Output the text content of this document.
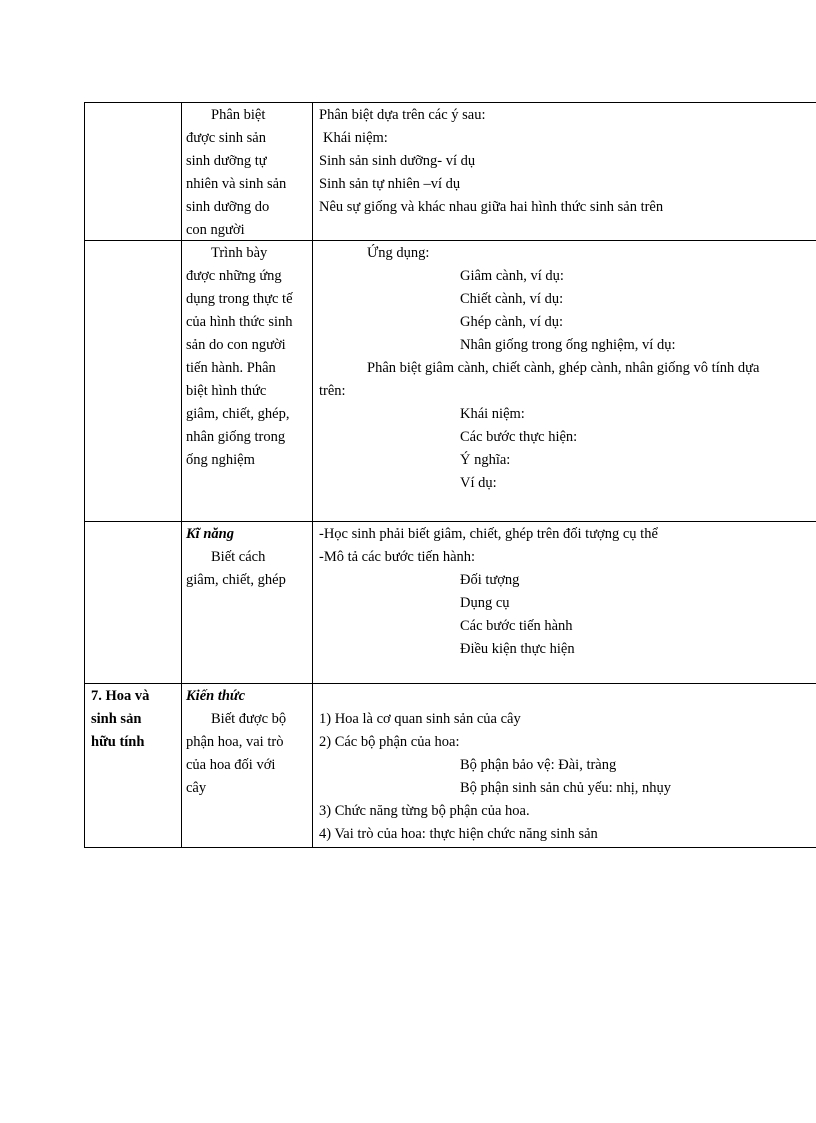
Phân biệt
được sinh sản
sinh dưỡng tự
nhiên và sinh sản
sinh dưỡng do
con người
Phân biệt dựa trên các ý sau:
Khái niệm:
Sinh sản sinh dưỡng- ví dụ
Sinh sản tự nhiên –ví dụ
Nêu sự giống và khác nhau giữa hai hình thức sinh sản trên
Trình bày
được những ứng
dụng trong thực tế
của hình thức sinh
sản do con người
tiến hành. Phân
biệt hình thức
giâm, chiết, ghép,
nhân giống trong
ống nghiệm
Ứng dụng:
Giâm cành, ví dụ:
Chiết cành, ví dụ:
Ghép cành, ví dụ:
Nhân giống trong ống nghiệm, ví dụ:
Phân biệt giâm cành, chiết cành, ghép cành, nhân giống vô tính dựa
trên:
Khái niệm:
Các bước thực hiện:
Ý nghĩa:
Ví dụ:
Kĩ năng
Biết cách
giâm, chiết, ghép
-Học sinh phải biết giâm, chiết, ghép trên đối tượng cụ thể
-Mô tả các bước tiến hành:
Đối tượng
Dụng cụ
Các bước tiến hành
Điều kiện thực hiện
7. Hoa và
sinh sản
hữu tính
Kiến thức
Biết được bộ
phận hoa, vai trò
của hoa đối với
cây
1) Hoa là cơ quan sinh sản của cây
2) Các bộ phận của hoa:
Bộ phận bảo vệ: Đài, tràng
Bộ phận sinh sản chủ yếu: nhị, nhụy
3) Chức năng từng bộ phận của hoa.
4) Vai trò của hoa: thực hiện chức năng sinh sản
